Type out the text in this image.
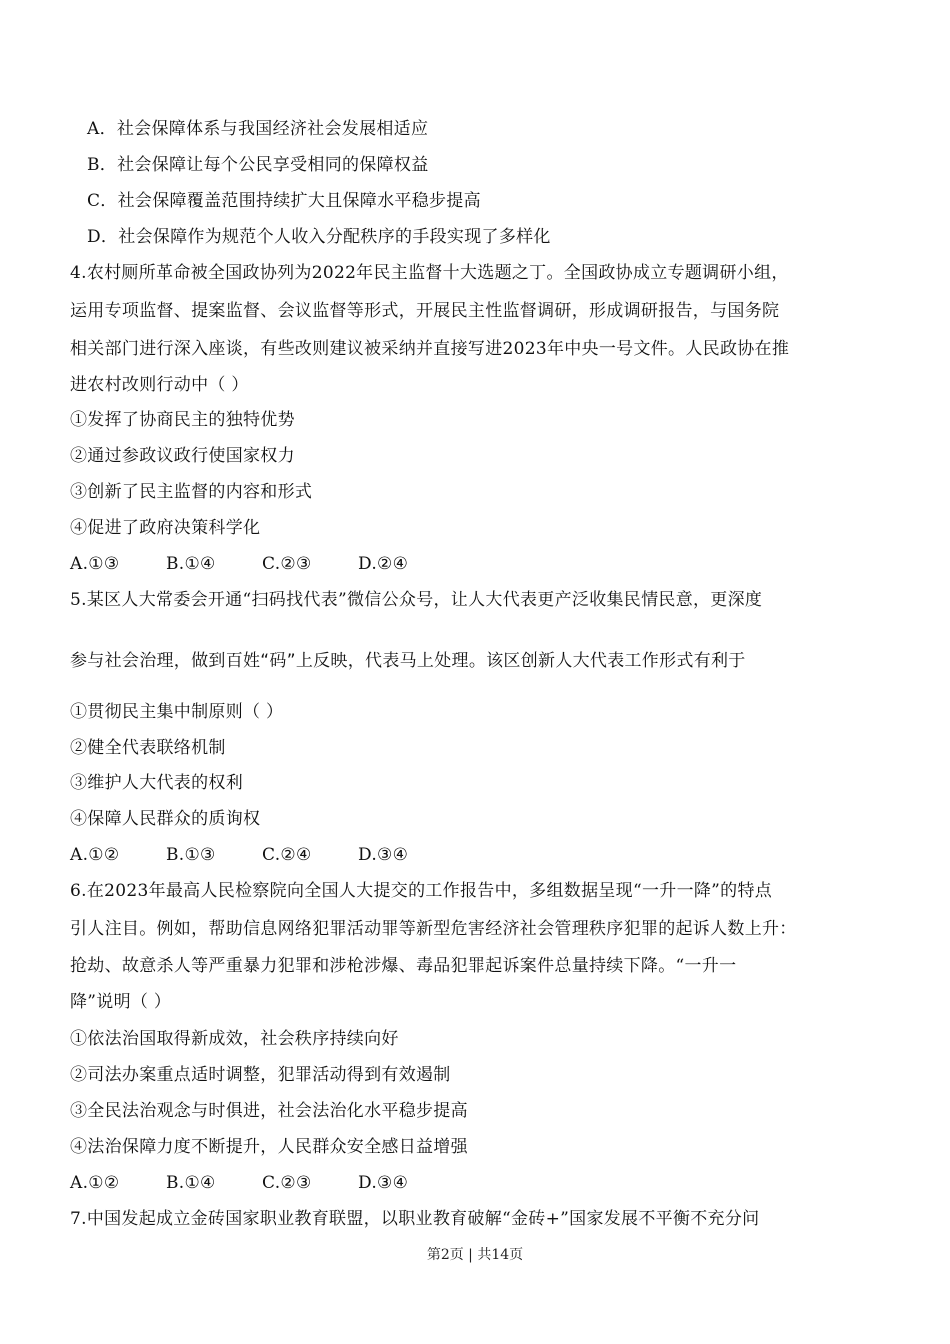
A．社会保障体系与我国经济社会发展相适应
B．社会保障让每个公民享受相同的保障权益
C．社会保障覆盖范围持续扩大且保障水平稳步提高
D．社会保障作为规范个人收入分配秩序的手段实现了多样化
4.农村厕所革命被全国政协列为2022年民主监督十大选题之丁。全国政协成立专题调研小组，
运用专项监督、提案监督、会议监督等形式，开展民主性监督调研，形成调研报告，与国务院
相关部门进行深入座谈，有些改则建议被采纳并直接写进2023年中央一号文件。人民政协在推
进农村改则行动中（ ）
①发挥了协商民主的独特优势
②通过参政议政行使国家权力
③创新了民主监督的内容和形式
④促进了政府决策科学化
A.①③	B.①④	C.②③	D.②④
5.某区人大常委会开通“扫码找代表”微信公众号，让人大代表更产泛收集民情民意，更深度
参与社会治理，做到百姓“码”上反映，代表马上处理。该区创新人大代表工作形式有利于
①贯彻民主集中制原则（ ）
②健全代表联络机制
③维护人大代表的权利
④保障人民群众的质询权
A.①②	B.①③	C.②④	D.③④
6.在2023年最高人民检察院向全国人大提交的工作报告中，多组数据呈现“一升一降”的特点
引人注目。例如，帮助信息网络犯罪活动罪等新型危害经济社会管理秩序犯罪的起诉人数上升：
抢劫、故意杀人等严重暴力犯罪和涉枪涉爆、毒品犯罪起诉案件总量持续下降。“一升一
降”说明（ ）
①依法治国取得新成效，社会秩序持续向好
②司法办案重点适时调整，犯罪活动得到有效遏制
③全民法治观念与时俱进，社会法治化水平稳步提高
④法治保障力度不断提升，人民群众安全感日益增强
A.①②	B.①④	C.②③	D.③④
7.中国发起成立金砖国家职业教育联盟，以职业教育破解“金砖+”国家发展不平衡不充分问
第2页 | 共14页
